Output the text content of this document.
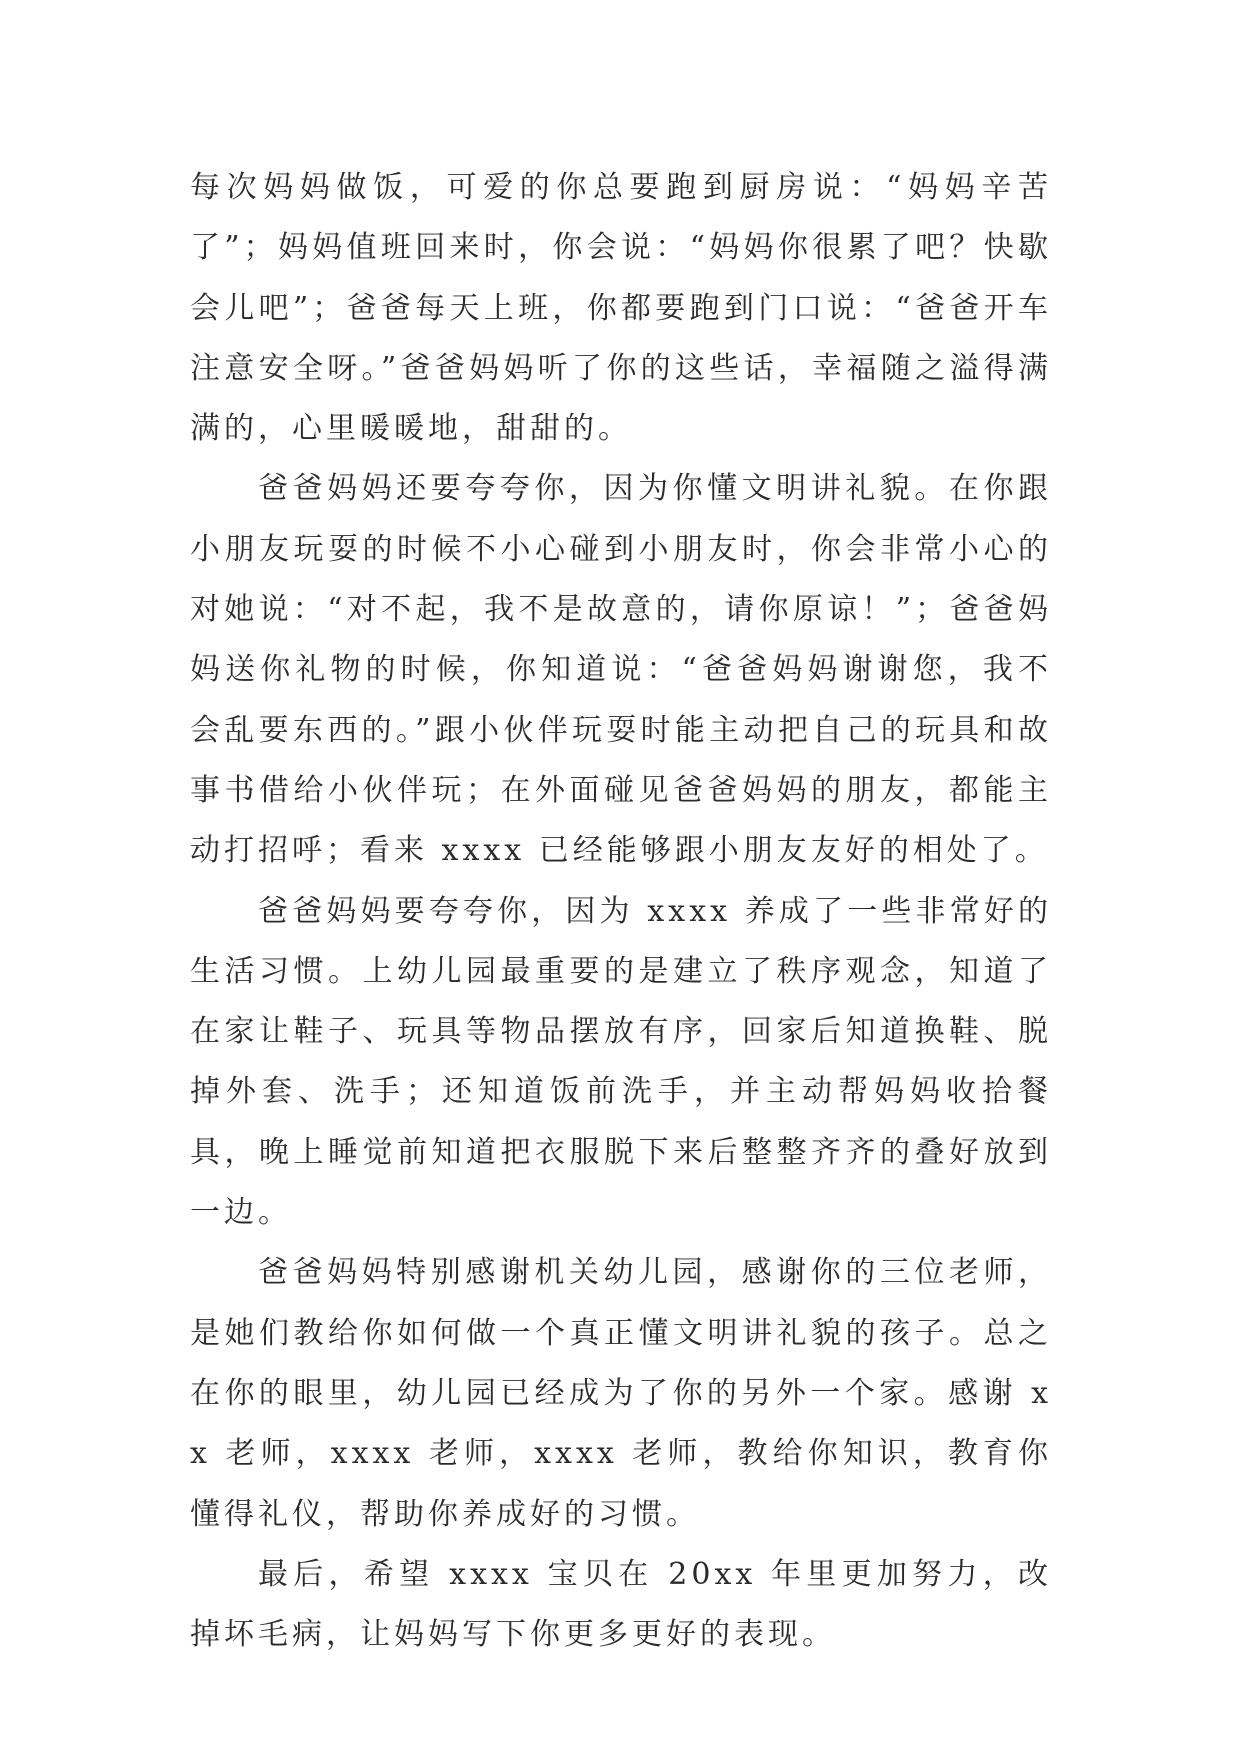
每次妈妈做饭，可爱的你总要跑到厨房说：“妈妈辛苦了”；妈妈值班回来时，你会说：“妈妈你很累了吧？快歇会儿吧”；爸爸每天上班，你都要跑到门口说：“爸爸开车注意安全呀。”爸爸妈妈听了你的这些话，幸福随之溢得满满的，心里暖暖地，甜甜的。

爸爸妈妈还要夸夸你，因为你懂文明讲礼貌。在你跟小朋友玩耍的时候不小心碰到小朋友时，你会非常小心的对她说：“对不起，我不是故意的，请你原谅！”；爸爸妈妈送你礼物的时候，你知道说：“爸爸妈妈谢谢您，我不会乱要东西的。”跟小伙伴玩耍时能主动把自己的玩具和故事书借给小伙伴玩；在外面碰见爸爸妈妈的朋友，都能主动打招呼；看来 xxxx 已经能够跟小朋友友好的相处了。

爸爸妈妈要夸夸你，因为 xxxx 养成了一些非常好的生活习惯。上幼儿园最重要的是建立了秩序观念，知道了在家让鞋子、玩具等物品摆放有序，回家后知道换鞋、脱掉外套、洗手；还知道饭前洗手，并主动帮妈妈收拾餐具，晚上睡觉前知道把衣服脱下来后整整齐齐的叠好放到一边。

爸爸妈妈特别感谢机关幼儿园，感谢你的三位老师，是她们教给你如何做一个真正懂文明讲礼貌的孩子。总之在你的眼里，幼儿园已经成为了你的另外一个家。感谢 xx 老师，xxxx 老师，xxxx 老师，教给你知识，教育你懂得礼仪，帮助你养成好的习惯。

最后，希望 xxxx 宝贝在 20xx 年里更加努力，改掉坏毛病，让妈妈写下你更多更好的表现。
